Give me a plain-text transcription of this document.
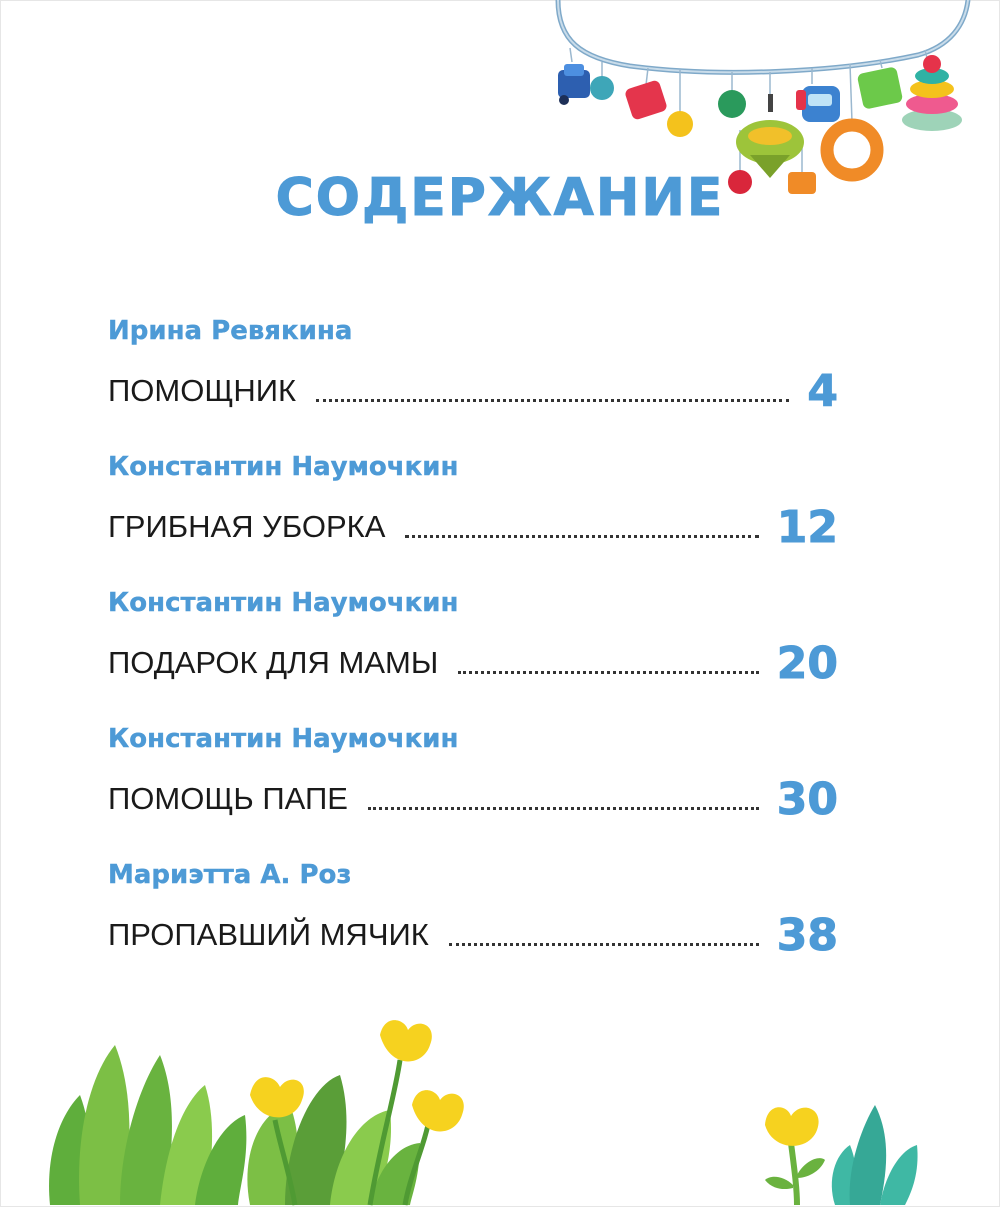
СОДЕРЖАНИЕ
Ирина Ревякина
ПОМОЩНИК	4
Константин Наумочкин
ГРИБНАЯ УБОРКА	12
Константин Наумочкин
ПОДАРОК ДЛЯ МАМЫ	20
Константин Наумочкин
ПОМОЩЬ ПАПЕ	30
Мариэтта А. Роз
ПРОПАВШИЙ МЯЧИК	38
